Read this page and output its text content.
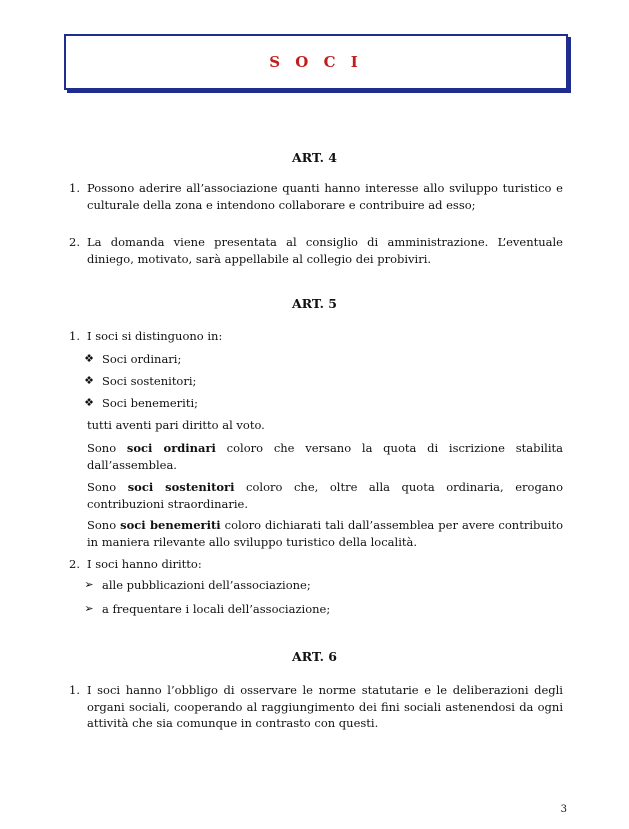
S O C I
ART. 4
1. Possono aderire all’associazione quanti hanno interesse allo sviluppo turistico e culturale della zona e intendono collaborare e contribuire ad esso;
2. La domanda viene presentata al consiglio di amministrazione. L’eventuale diniego, motivato, sarà appellabile al collegio dei probiviri.
ART. 5
1. I soci si distinguono in:
❖ Soci ordinari;
❖ Soci sostenitori;
❖ Soci benemeriti;
tutti aventi pari diritto al voto.
Sono soci ordinari coloro che versano la quota di iscrizione stabilita dall’assemblea.
Sono soci sostenitori coloro che, oltre alla quota ordinaria, erogano contribuzioni straordinarie.
Sono soci benemeriti coloro dichiarati tali dall’assemblea per avere contribuito in maniera rilevante allo sviluppo turistico della località.
2. I soci hanno diritto:
➢ alle pubblicazioni dell’associazione;
➢ a frequentare i locali dell’associazione;
ART. 6
1. I soci hanno l’obbligo di osservare le norme statutarie e le deliberazioni degli organi sociali, cooperando al raggiungimento dei fini sociali astenendosi da ogni attività che sia comunque in contrasto con questi.
3
